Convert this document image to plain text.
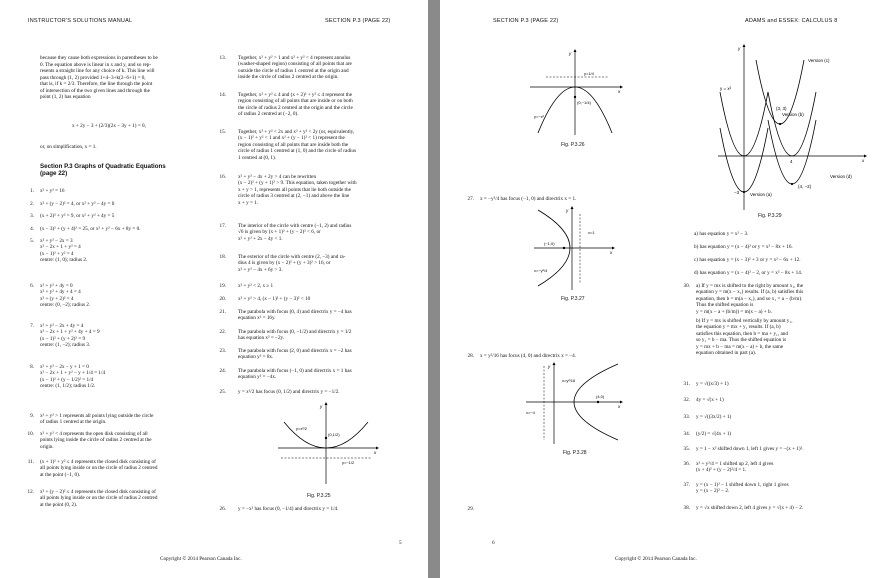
INSTRUCTOR'S SOLUTIONS MANUAL	SECTION P.3 (PAGE 22)
because they cause both expressions in parentheses to be
0. The equation above is linear in x and y, and so rep-
resents a straight line for any choice of k. This line will
pass through (1, 2) provided 1+4−3+k(2−6+1) = 0,
that is, if k = 2/3. Therefore, the line through the point
of intersection of the two given lines and through the
point (1, 2) has equation
x + 2y − 3 + (2/3)(2x − 3y + 1) = 0,
or, on simplification, x = 1.
Section P.3 Graphs of Quadratic Equations
(page 22)
1. x² + y² = 16
2. x² + (y − 2)² = 4, or x² + y² − 4y = 0
3. (x + 2)² + y² = 9, or x² + y² + 4y = 5
4. (x − 3)² + (y + 4)² = 25, or x² + y² − 6x + 8y = 0.
5. x² + y² − 2x = 3
x² − 2x + 1 + y² = 4
(x − 1)² + y² = 4
centre: (1, 0); radius 2.
6. x² + y² + 4y = 0
x² + y² + 4y + 4 = 4
x² + (y + 2)² = 4
centre: (0, −2); radius 2.
7. x² + y² − 2x + 4y = 4
x² − 2x + 1 + y² + 4y + 4 = 9
(x − 1)² + (y + 2)² = 9
centre: (1, −2); radius 3.
8. x² + y² − 2x − y + 1 = 0
x² − 2x + 1 + y² − y + 1/4 = 1/4
(x − 1)² + (y − 1/2)² = 1/4
centre: (1, 1/2); radius 1/2.
9. x² + y² > 1 represents all points lying outside the circle
of radius 1 centred at the origin.
10. x² + y² < 4 represents the open disk consisting of all
points lying inside the circle of radius 2 centred at the
origin.
11. (x + 1)² + y² ≤ 4 represents the closed disk consisting of
all points lying inside or on the circle of radius 2 centred
at the point (−1, 0).
12. x² + (y − 2)² ≤ 4 represents the closed disk consisting of
all points lying inside or on the circle of radius 2 centred
at the point (0, 2).
13. Together, x² + y² > 1 and x² + y² < 4 represent annulus
(washer-shaped region) consisting of all points that are
outside the circle of radius 1 centred at the origin and
inside the circle of radius 2 centred at the origin.
14. Together, x² + y² ≤ 4 and (x + 2)² + y² ≤ 4 represent the
region consisting of all points that are inside or on both
the circle of radius 2 centred at the origin and the circle
of radius 2 centred at (−2, 0).
15. Together, x² + y² < 2x and x² + y² < 2y (or, equivalently,
(x − 1)² + y² < 1 and x² + (y − 1)² < 1) represent the
region consisting of all points that are inside both the
circle of radius 1 centred at (1, 0) and the circle of radius
1 centred at (0, 1).
16. x² + y² − 4x + 2y > 4 can be rewritten
(x − 2)² + (y + 1)² > 9. This equation, taken together with
x + y > 1, represents all points that lie both outside the
circle of radius 3 centred at (2, −1) and above the line
x + y = 1.
17. The interior of the circle with centre (−1, 2) and radius
√6 is given by (x + 1)² + (y − 2)² < 6, or
x² + y² + 2x − 4y < 1.
18. The exterior of the circle with centre (2, −3) and ra-
dius 4 is given by (x − 2)² + (y + 3)² > 16, or
x² + y² − 4x + 6y > 3.
19. x² + y² < 2, x ≥ 1
20. x² + y² > 4, (x − 1)² + (y − 3)² < 10
21. The parabola with focus (0, 4) and directrix y = −4 has
equation x² = 16y.
22. The parabola with focus (0, −1/2) and directrix y = 1/2
has equation x² = −2y.
23. The parabola with focus (2, 0) and directrix x = −2 has
equation y² = 8x.
24. The parabola with focus (−1, 0) and directrix x = 1 has
equation y² = −4x.
25. y = x²/2 has focus (0, 1/2) and directrix y = −1/2.
y=x²/2
(0,1/2)
y=−1/2
x
y
Fig. P.3.25
26. y = −x² has focus (0, −1/4) and directrix y = 1/4.
5
Copyright © 2014 Pearson Canada Inc.
SECTION P.3 (PAGE 22)	ADAMS and ESSEX: CALCULUS 8
y=1/4
(0,−1/4)
y=−x²
x
y
Fig. P.3.26
27. x = −y²/4 has focus (−1, 0) and directrix x = 1.
(−1,0)
x=1
x=−y²/4
x
y
Fig. P.3.27
28. x = y²/16 has focus (4, 0) and directrix x = −4.
(4,0)
x=−4
x=y²/16
x
y
Fig. P.3.28
29.
y = x²
Version (a)
Version (b)
Version (c)
Version (d)
(3, 3)
(4, −2)
4
−3
x
y
Fig. P.3.29
a) has equation y = x² − 3.
b) has equation y = (x − 4)² or y = x² − 8x + 16.
c) has equation y = (x − 3)² + 3 or y = x² − 6x + 12.
d) has equation y = (x − 4)² − 2, or y = x² − 8x + 14.
30. a) If y = mx is shifted to the right by amount x₁, the
equation y = m(x − x₁) results. If (a, b) satisfies this
equation, then b = m(a − x₁), and so x₁ = a − (b/m).
Thus the shifted equation is
y = m(x − a + (b/m)) = m(x − a) + b.
b) If y = mx is shifted vertically by amount y₁,
the equation y = mx + y₁ results. If (a, b)
satisfies this equation, then b = ma + y₁, and
so y₁ = b − ma. Thus the shifted equation is
y = mx + b − ma = m(x − a) + b, the same
equation obtained in part (a).
31. y = √((x/3) + 1)
32. 4y = √(x + 1)
33. y = √((3x/2) + 1)
34. (y/2) = √(4x + 1)
35. y = 1 − x² shifted down 1, left 1 gives y = −(x + 1)².
36. x² + y²/4 = 1 shifted up 2, left 4 gives
(x + 4)² + (y − 2)²/4 = 1.
37. y = (x − 1)² − 1 shifted down 1, right 1 gives
y = (x − 2)² − 2.
38. y = √x shifted down 2, left 4 gives y = √(x + 4) − 2.
6
Copyright © 2014 Pearson Canada Inc.
